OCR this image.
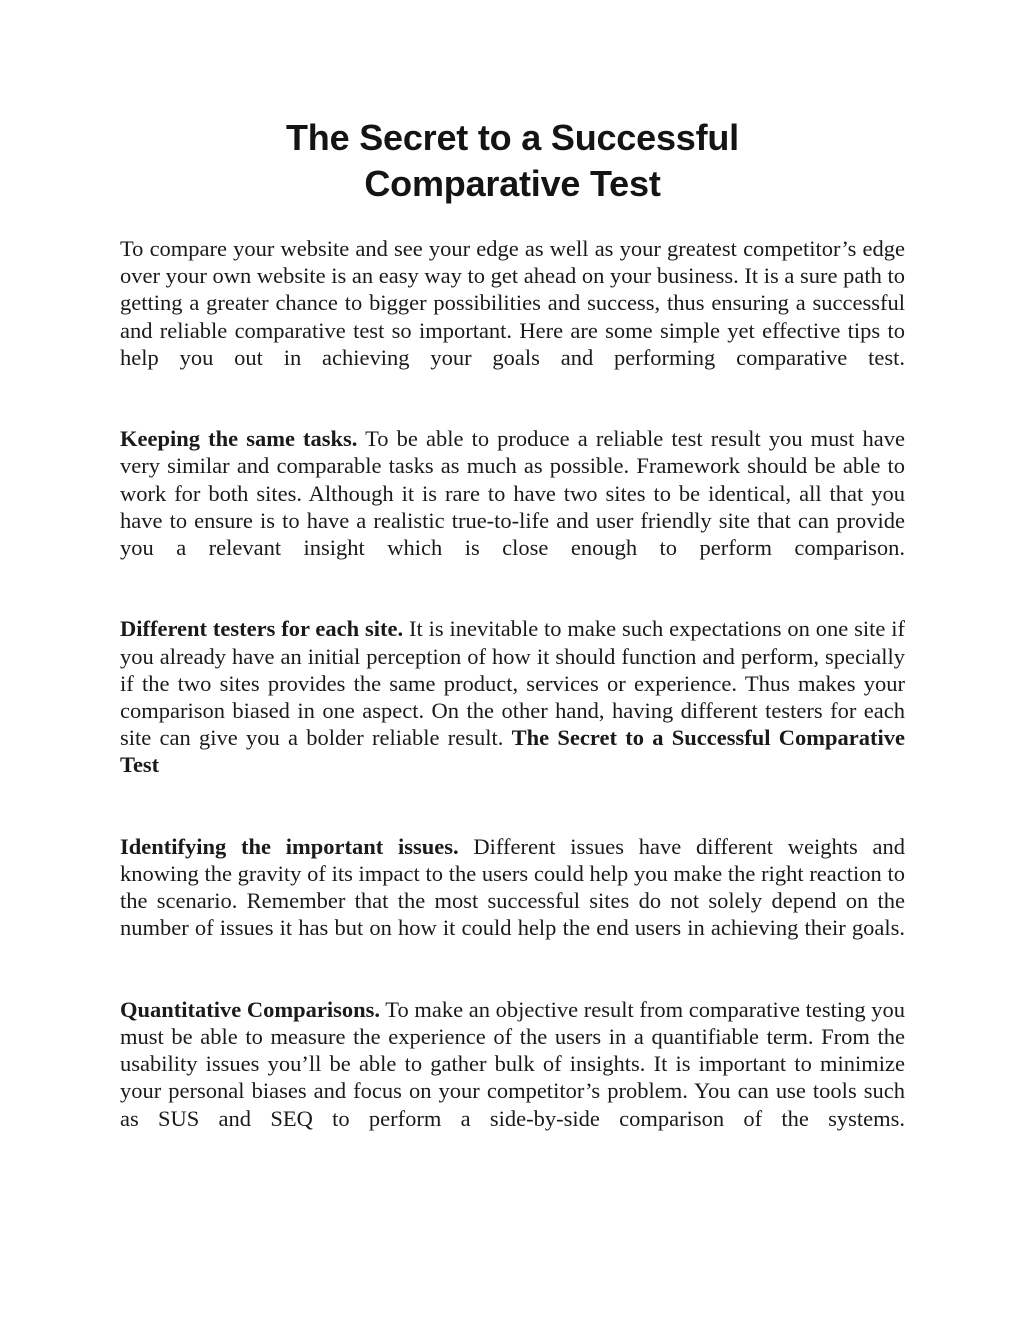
The Secret to a Successful
Comparative Test

To compare your website and see your edge as well as your greatest competitor’s edge over your own website is an easy way to get ahead on your business. It is a sure path to getting a greater chance to bigger possibilities and success, thus ensuring a successful and reliable comparative test so important. Here are some simple yet effective tips to help you out in achieving your goals and performing comparative test.

Keeping the same tasks. To be able to produce a reliable test result you must have very similar and comparable tasks as much as possible. Framework should be able to work for both sites. Although it is rare to have two sites to be identical, all that you have to ensure is to have a realistic true-to-life and user friendly site that can provide you a relevant insight which is close enough to perform comparison.

Different testers for each site. It is inevitable to make such expectations on one site if you already have an initial perception of how it should function and perform, specially if the two sites provides the same product, services or experience. Thus makes your comparison biased in one aspect. On the other hand, having different testers for each site can give you a bolder reliable result. The Secret to a Successful Comparative Test

Identifying the important issues. Different issues have different weights and knowing the gravity of its impact to the users could help you make the right reaction to the scenario. Remember that the most successful sites do not solely depend on the number of issues it has but on how it could help the end users in achieving their goals.

Quantitative Comparisons. To make an objective result from comparative testing you must be able to measure the experience of the users in a quantifiable term. From the usability issues you’ll be able to gather bulk of insights. It is important to minimize your personal biases and focus on your competitor’s problem. You can use tools such as SUS and SEQ to perform a side-by-side comparison of the systems.
